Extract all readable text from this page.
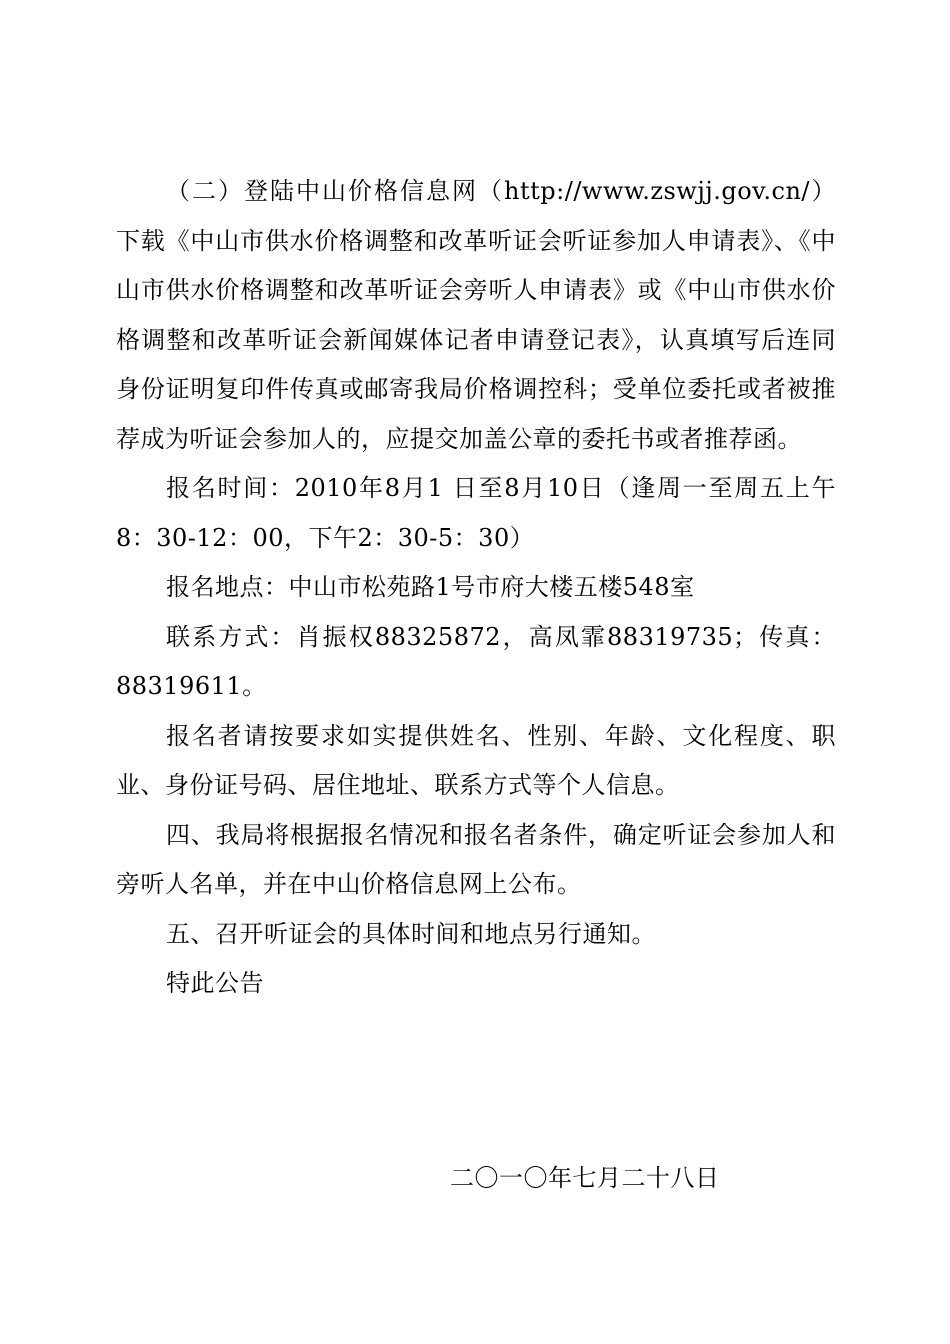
（二）登陆中山价格信息网（http://www.zswjj.gov.cn/）下载《中山市供水价格调整和改革听证会听证参加人申请表》、《中山市供水价格调整和改革听证会旁听人申请表》或《中山市供水价格调整和改革听证会新闻媒体记者申请登记表》，认真填写后连同身份证明复印件传真或邮寄我局价格调控科；受单位委托或者被推荐成为听证会参加人的，应提交加盖公章的委托书或者推荐函。

报名时间：2010年8月1 日至8月10日（逢周一至周五上午8：30-12：00，下午2：30-5：30）

报名地点：中山市松苑路1号市府大楼五楼548室

联系方式：肖振权88325872，高凤霏88319735；传真：88319611。

报名者请按要求如实提供姓名、性别、年龄、文化程度、职业、身份证号码、居住地址、联系方式等个人信息。

四、我局将根据报名情况和报名者条件，确定听证会参加人和旁听人名单，并在中山价格信息网上公布。

五、召开听证会的具体时间和地点另行通知。

特此公告

二〇一〇年七月二十八日
